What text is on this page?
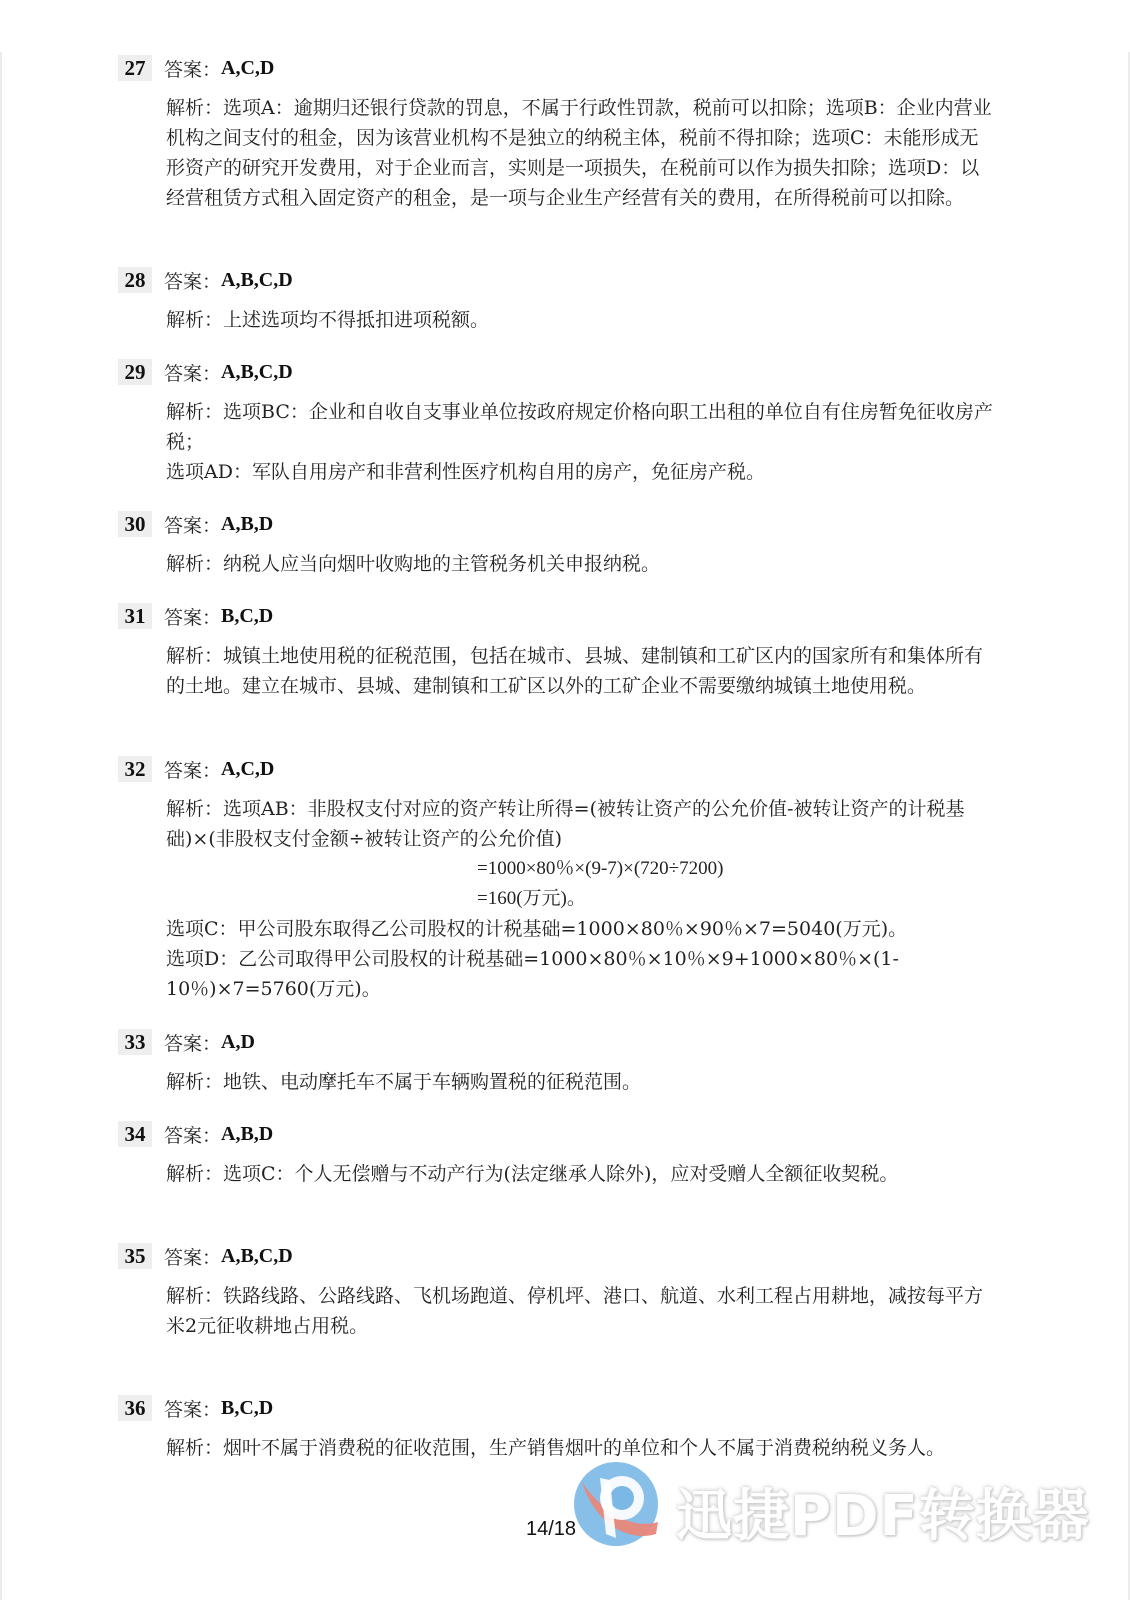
27 答案： A,C,D

解析：选项A：逾期归还银行贷款的罚息，不属于行政性罚款，税前可以扣除；选项B：企业内营业机构之间支付的租金，因为该营业机构不是独立的纳税主体，税前不得扣除；选项C：未能形成无形资产的研究开发费用，对于企业而言，实则是一项损失，在税前可以作为损失扣除；选项D：以经营租赁方式租入固定资产的租金，是一项与企业生产经营有关的费用，在所得税前可以扣除。

28 答案： A,B,C,D

解析：上述选项均不得抵扣进项税额。

29 答案： A,B,C,D

解析：选项BC：企业和自收自支事业单位按政府规定价格向职工出租的单位自有住房暂免征收房产税；

选项AD：军队自用房产和非营利性医疗机构自用的房产，免征房产税。

30 答案： A,B,D

解析：纳税人应当向烟叶收购地的主管税务机关申报纳税。

31 答案： B,C,D

解析：城镇土地使用税的征税范围，包括在城市、县城、建制镇和工矿区内的国家所有和集体所有的土地。建立在城市、县城、建制镇和工矿区以外的工矿企业不需要缴纳城镇土地使用税。

32 答案： A,C,D

解析：选项AB：非股权支付对应的资产转让所得=(被转让资产的公允价值-被转让资产的计税基础)×(非股权支付金额÷被转让资产的公允价值)

=1000×80％×(9-7)×(720÷7200)

=160(万元)。

选项C：甲公司股东取得乙公司股权的计税基础=1000×80％×90％×7=5040(万元)。

选项D：乙公司取得甲公司股权的计税基础=1000×80％×10％×9+1000×80％×(1-10％)×7=5760(万元)。

33 答案： A,D

解析：地铁、电动摩托车不属于车辆购置税的征税范围。

34 答案： A,B,D

解析：选项C：个人无偿赠与不动产行为(法定继承人除外)，应对受赠人全额征收契税。

35 答案： A,B,C,D

解析：铁路线路、公路线路、飞机场跑道、停机坪、港口、航道、水利工程占用耕地，减按每平方米2元征收耕地占用税。

36 答案： B,C,D

解析：烟叶不属于消费税的征收范围，生产销售烟叶的单位和个人不属于消费税纳税义务人。

14/18 迅捷PDF转换器
